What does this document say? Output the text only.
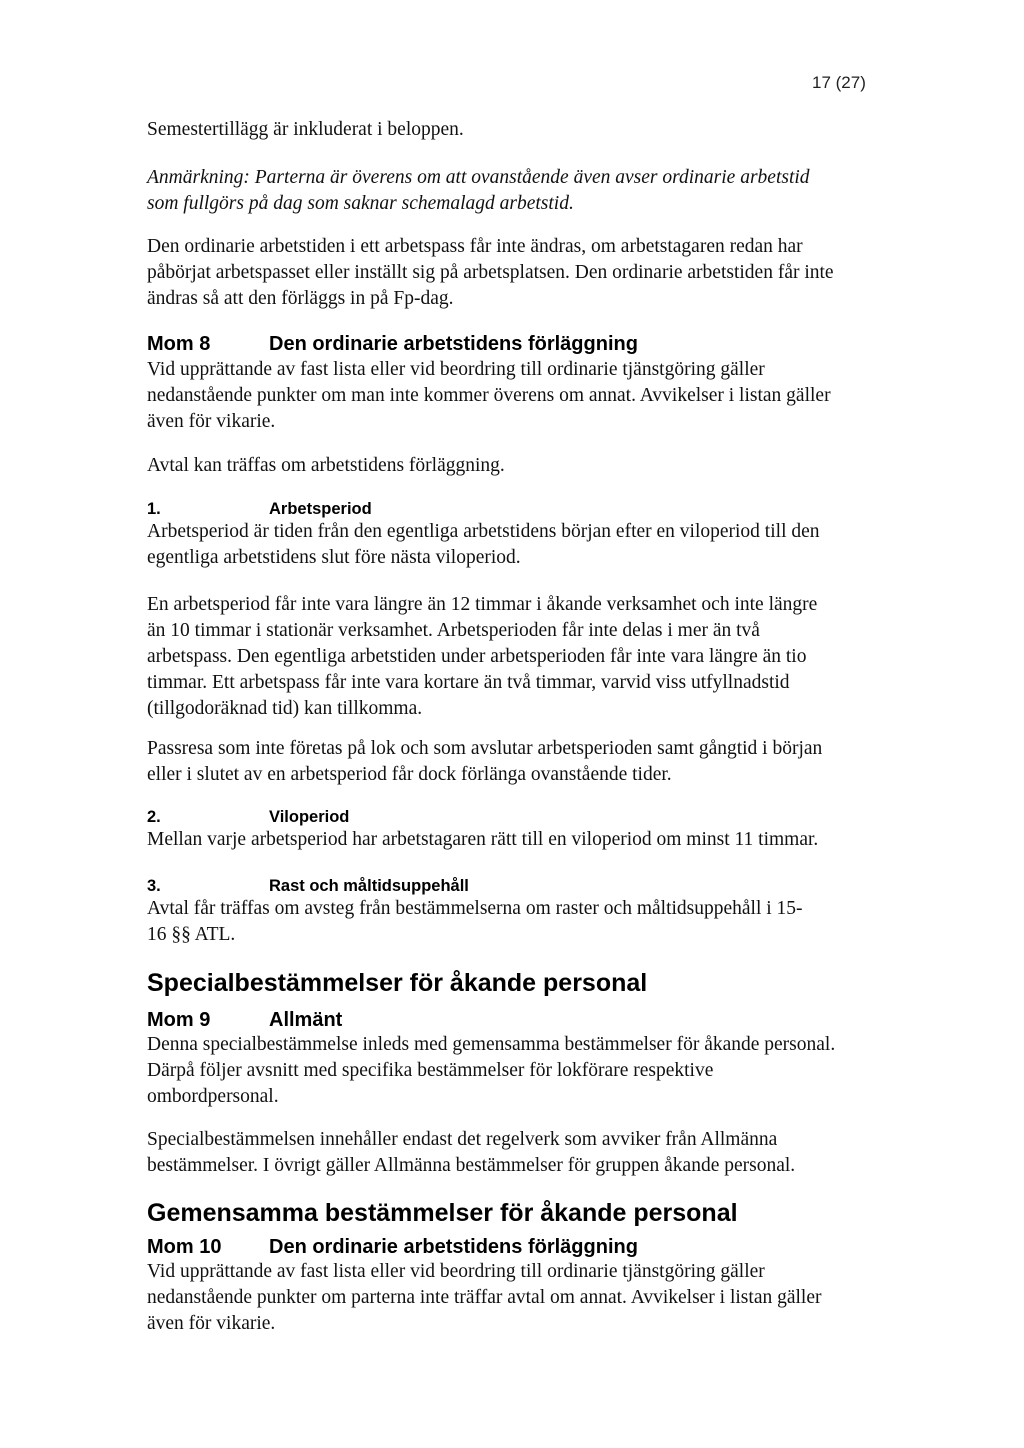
17 (27)

Semestertillägg är inkluderat i beloppen.

Anmärkning: Parterna är överens om att ovanstående även avser ordinarie arbetstid
som fullgörs på dag som saknar schemalagd arbetstid.

Den ordinarie arbetstiden i ett arbetspass får inte ändras, om arbetstagaren redan har
påbörjat arbetspasset eller inställt sig på arbetsplatsen. Den ordinarie arbetstiden får inte
ändras så att den förläggs in på Fp-dag.

Mom 8	Den ordinarie arbetstidens förläggning

Vid upprättande av fast lista eller vid beordring till ordinarie tjänstgöring gäller
nedanstående punkter om man inte kommer överens om annat. Avvikelser i listan gäller
även för vikarie.

Avtal kan träffas om arbetstidens förläggning.

1.	Arbetsperiod

Arbetsperiod är tiden från den egentliga arbetstidens början efter en viloperiod till den
egentliga arbetstidens slut före nästa viloperiod.

En arbetsperiod får inte vara längre än 12 timmar i åkande verksamhet och inte längre
än 10 timmar i stationär verksamhet. Arbetsperioden får inte delas i mer än två
arbetspass. Den egentliga arbetstiden under arbetsperioden får inte vara längre än tio
timmar. Ett arbetspass får inte vara kortare än två timmar, varvid viss utfyllnadstid
(tillgodoräknad tid) kan tillkomma.

Passresa som inte företas på lok och som avslutar arbetsperioden samt gångtid i början
eller i slutet av en arbetsperiod får dock förlänga ovanstående tider.

2.	Viloperiod

Mellan varje arbetsperiod har arbetstagaren rätt till en viloperiod om minst 11 timmar.

3.	Rast och måltidsuppehåll

Avtal får träffas om avsteg från bestämmelserna om raster och måltidsuppehåll i 15-
16 §§ ATL.

Specialbestämmelser för åkande personal
Mom 9	Allmänt

Denna specialbestämmelse inleds med gemensamma bestämmelser för åkande personal.
Därpå följer avsnitt med specifika bestämmelser för lokförare respektive
ombordpersonal.

Specialbestämmelsen innehåller endast det regelverk som avviker från Allmänna
bestämmelser. I övrigt gäller Allmänna bestämmelser för gruppen åkande personal.

Gemensamma bestämmelser för åkande personal
Mom 10 Den ordinarie arbetstidens förläggning

Vid upprättande av fast lista eller vid beordring till ordinarie tjänstgöring gäller
nedanstående punkter om parterna inte träffar avtal om annat. Avvikelser i listan gäller
även för vikarie.
